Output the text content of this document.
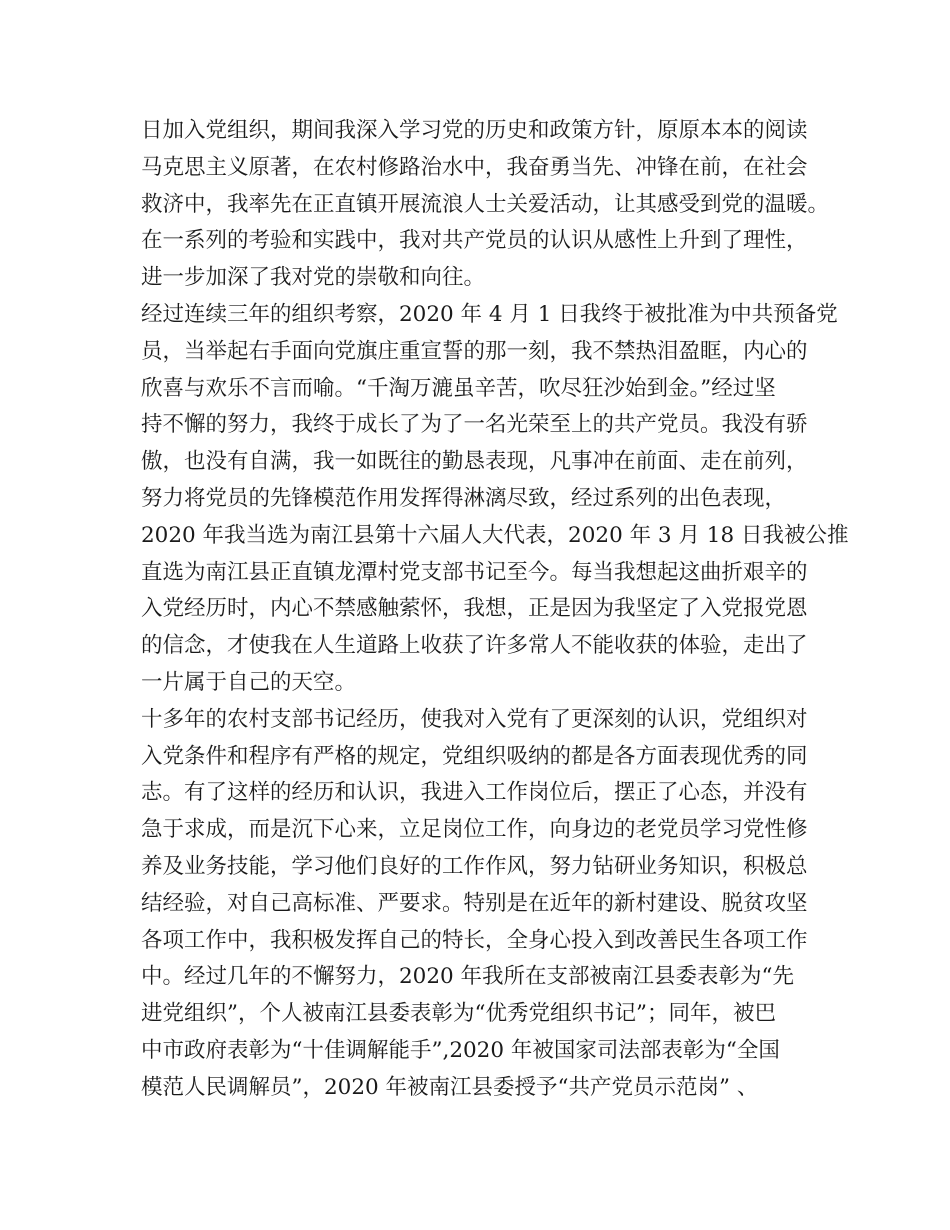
日加入党组织，期间我深入学习党的历史和政策方针，原原本本的阅读
马克思主义原著，在农村修路治水中，我奋勇当先、冲锋在前，在社会
救济中，我率先在正直镇开展流浪人士关爱活动，让其感受到党的温暖。
在一系列的考验和实践中，我对共产党员的认识从感性上升到了理性，
进一步加深了我对党的崇敬和向往。
经过连续三年的组织考察，2020 年 4 月 1 日我终于被批准为中共预备党
员，当举起右手面向党旗庄重宣誓的那一刻，我不禁热泪盈眶，内心的
欣喜与欢乐不言而喻。“千淘万漉虽辛苦，吹尽狂沙始到金。”经过坚
持不懈的努力，我终于成长了为了一名光荣至上的共产党员。我没有骄
傲，也没有自满，我一如既往的勤恳表现，凡事冲在前面、走在前列，
努力将党员的先锋模范作用发挥得淋漓尽致，经过系列的出色表现，
2020 年我当选为南江县第十六届人大代表，2020 年 3 月 18 日我被公推
直选为南江县正直镇龙潭村党支部书记至今。每当我想起这曲折艰辛的
入党经历时，内心不禁感触萦怀，我想，正是因为我坚定了入党报党恩
的信念，才使我在人生道路上收获了许多常人不能收获的体验，走出了
一片属于自己的天空。
十多年的农村支部书记经历，使我对入党有了更深刻的认识，党组织对
入党条件和程序有严格的规定，党组织吸纳的都是各方面表现优秀的同
志。有了这样的经历和认识，我进入工作岗位后，摆正了心态，并没有
急于求成，而是沉下心来，立足岗位工作，向身边的老党员学习党性修
养及业务技能，学习他们良好的工作作风，努力钻研业务知识，积极总
结经验，对自己高标准、严要求。特别是在近年的新村建设、脱贫攻坚
各项工作中，我积极发挥自己的特长，全身心投入到改善民生各项工作
中。经过几年的不懈努力，2020 年我所在支部被南江县委表彰为“先
进党组织”，个人被南江县委表彰为“优秀党组织书记”；同年，被巴
中市政府表彰为“十佳调解能手”,2020 年被国家司法部表彰为“全国
模范人民调解员”，2020 年被南江县委授予“共产党员示范岗” 、
